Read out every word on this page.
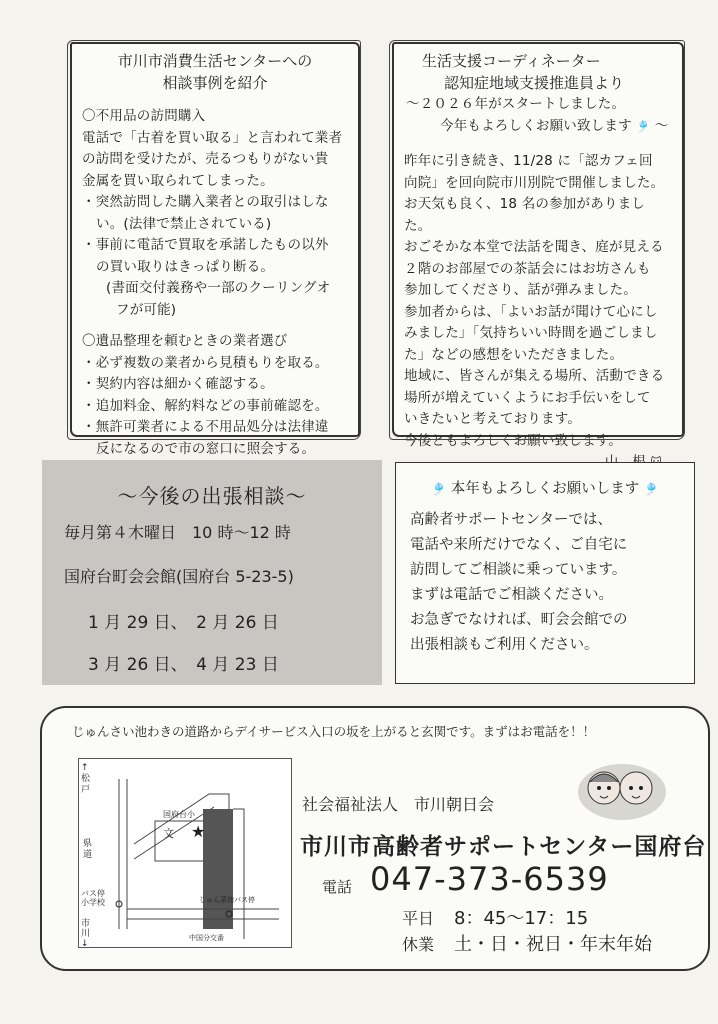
市川市消費生活センターへの
相談事例を紹介
〇不用品の訪問購入
電話で「古着を買い取る」と言われて業者
の訪問を受けたが、売るつもりがない貴
金属を買い取られてしまった。
・突然訪問した購入業者との取引はしな
い。(法律で禁止されている)
・事前に電話で買取を承諾したもの以外
の買い取りはきっぱり断る。
(書面交付義務や一部のクーリングオ
フが可能)
〇遺品整理を頼むときの業者選び
・必ず複数の業者から見積もりを取る。
・契約内容は細かく確認する。
・追加料金、解約料などの事前確認を。
・無許可業者による不用品処分は法律違
反になるので市の窓口に照会する。
生活支援コーディネーター
認知症地域支援推進員より
～２０２６年がスタートしました。
今年もよろしくお願い致します 🎐 ～
昨年に引き続き、11/28 に「認カフェ回
向院」を回向院市川別院で開催しました。
お天気も良く、18 名の参加がありました。
おごそかな本堂で法話を聞き、庭が見える
２階のお部屋での茶話会にはお坊さんも
参加してくださり、話が弾みました。
参加者からは、「よいお話が聞けて心にし
みました」「気持ちいい時間を過ごしまし
た」などの感想をいただきました。
地域に、皆さんが集える場所、活動できる
場所が増えていくようにお手伝いをして
いきたいと考えております。
今後ともよろしくお願い致します。
～今後の出張相談～
毎月第４木曜日　10 時～12 時
国府台町会会館(国府台 5-23-5)
1 月 29 日、　2 月 26 日
3 月 26 日、　4 月 23 日
🎐 本年もよろしくお願いします 🎐
高齢者サポートセンターでは、
電話や来所だけでなく、ご自宅に
訪問してご相談に乗っています。
まずは電話でご相談ください。
お急ぎでなければ、町会会館での
出張相談もご利用ください。
じゅんさい池わきの道路からデイサービス入口の坂を上がると玄関です。まずはお電話を！！
★
↑松戸
県道
国府台小
文
バス停
小学校
市川↓
じゅん菜池バス停
中国分交番
社会福祉法人　市川朝日会
市川市高齢者サポートセンター国府台
電話 047-373-6539
平日 8：45～17：15
休業 土・日・祝日・年末年始
